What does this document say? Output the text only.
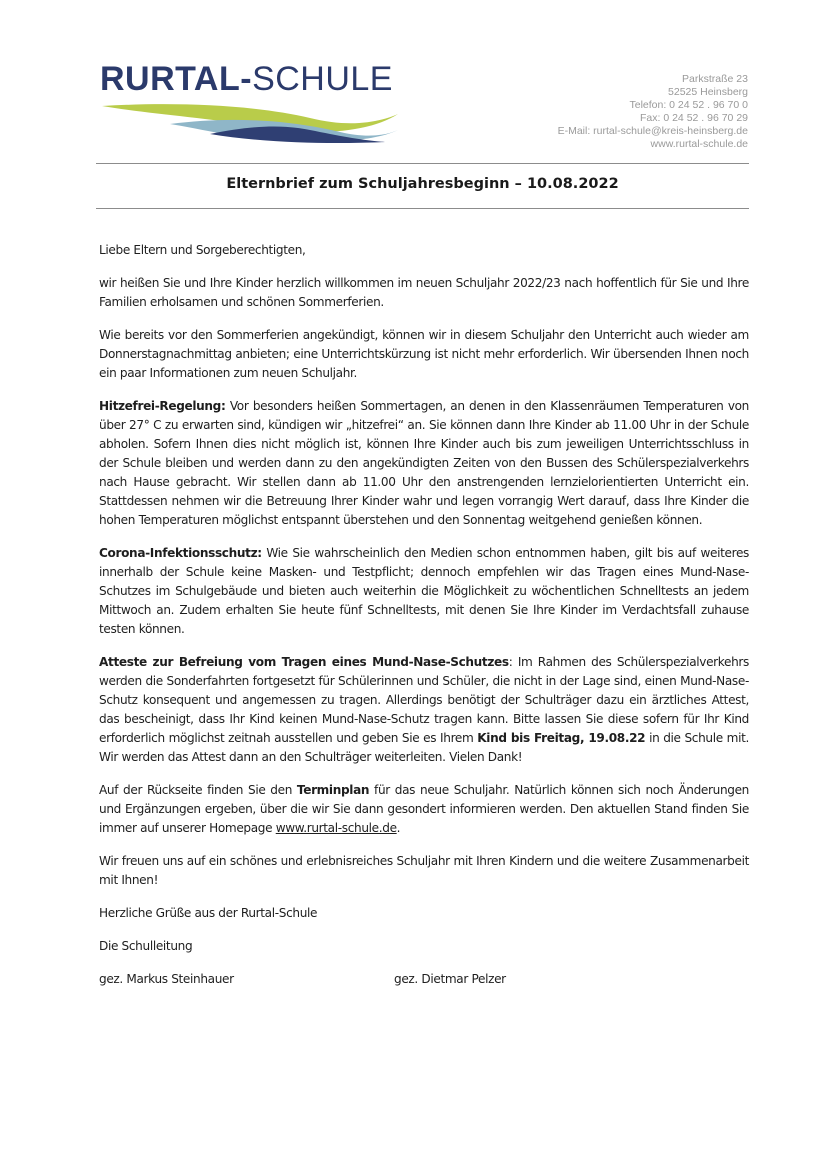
RURTAL-SCHULE	Parkstraße 23
52525 Heinsberg
Telefon: 0 24 52 . 96 70 0
Fax: 0 24 52 . 96 70 29
E-Mail: rurtal-schule@kreis-heinsberg.de
www.rurtal-schule.de
Elternbrief zum Schuljahresbeginn – 10.08.2022

Liebe Eltern und Sorgeberechtigten,

wir heißen Sie und Ihre Kinder herzlich willkommen im neuen Schuljahr 2022/23 nach hoffentlich für Sie und Ihre Familien erholsamen und schönen Sommerferien.

Wie bereits vor den Sommerferien angekündigt, können wir in diesem Schuljahr den Unterricht auch wieder am Donnerstagnachmittag anbieten; eine Unterrichtskürzung ist nicht mehr erforderlich. Wir übersenden Ihnen noch ein paar Informationen zum neuen Schuljahr.

Hitzefrei-Regelung: Vor besonders heißen Sommertagen, an denen in den Klassenräumen Temperaturen von über 27° C zu erwarten sind, kündigen wir „hitzefrei“ an. Sie können dann Ihre Kinder ab 11.00 Uhr in der Schule abholen. Sofern Ihnen dies nicht möglich ist, können Ihre Kinder auch bis zum jeweiligen Unterrichtsschluss in der Schule bleiben und werden dann zu den angekündigten Zeiten von den Bussen des Schülerspezialverkehrs nach Hause gebracht. Wir stellen dann ab 11.00 Uhr den anstrengenden lernzielorientierten Unterricht ein. Stattdessen nehmen wir die Betreuung Ihrer Kinder wahr und legen vorrangig Wert darauf, dass Ihre Kinder die hohen Temperaturen möglichst entspannt überstehen und den Sonnentag weitgehend genießen können.

Corona-Infektionsschutz: Wie Sie wahrscheinlich den Medien schon entnommen haben, gilt bis auf weiteres innerhalb der Schule keine Masken- und Testpflicht; dennoch empfehlen wir das Tragen eines Mund-Nase-Schutzes im Schulgebäude und bieten auch weiterhin die Möglichkeit zu wöchentlichen Schnelltests an jedem Mittwoch an. Zudem erhalten Sie heute fünf Schnelltests, mit denen Sie Ihre Kinder im Verdachtsfall zuhause testen können.

Atteste zur Befreiung vom Tragen eines Mund-Nase-Schutzes: Im Rahmen des Schülerspezialverkehrs werden die Sonderfahrten fortgesetzt für Schülerinnen und Schüler, die nicht in der Lage sind, einen Mund-Nase-Schutz konsequent und angemessen zu tragen. Allerdings benötigt der Schulträger dazu ein ärztliches Attest, das bescheinigt, dass Ihr Kind keinen Mund-Nase-Schutz tragen kann. Bitte lassen Sie diese sofern für Ihr Kind erforderlich möglichst zeitnah ausstellen und geben Sie es Ihrem Kind bis Freitag, 19.08.22 in die Schule mit. Wir werden das Attest dann an den Schulträger weiterleiten. Vielen Dank!

Auf der Rückseite finden Sie den Terminplan für das neue Schuljahr. Natürlich können sich noch Änderungen und Ergänzungen ergeben, über die wir Sie dann gesondert informieren werden. Den aktuellen Stand finden Sie immer auf unserer Homepage www.rurtal-schule.de.

Wir freuen uns auf ein schönes und erlebnisreiches Schuljahr mit Ihren Kindern und die weitere Zusammenarbeit mit Ihnen!

Herzliche Grüße aus der Rurtal-Schule

Die Schulleitung

gez. Markus Steinhauer	gez. Dietmar Pelzer
